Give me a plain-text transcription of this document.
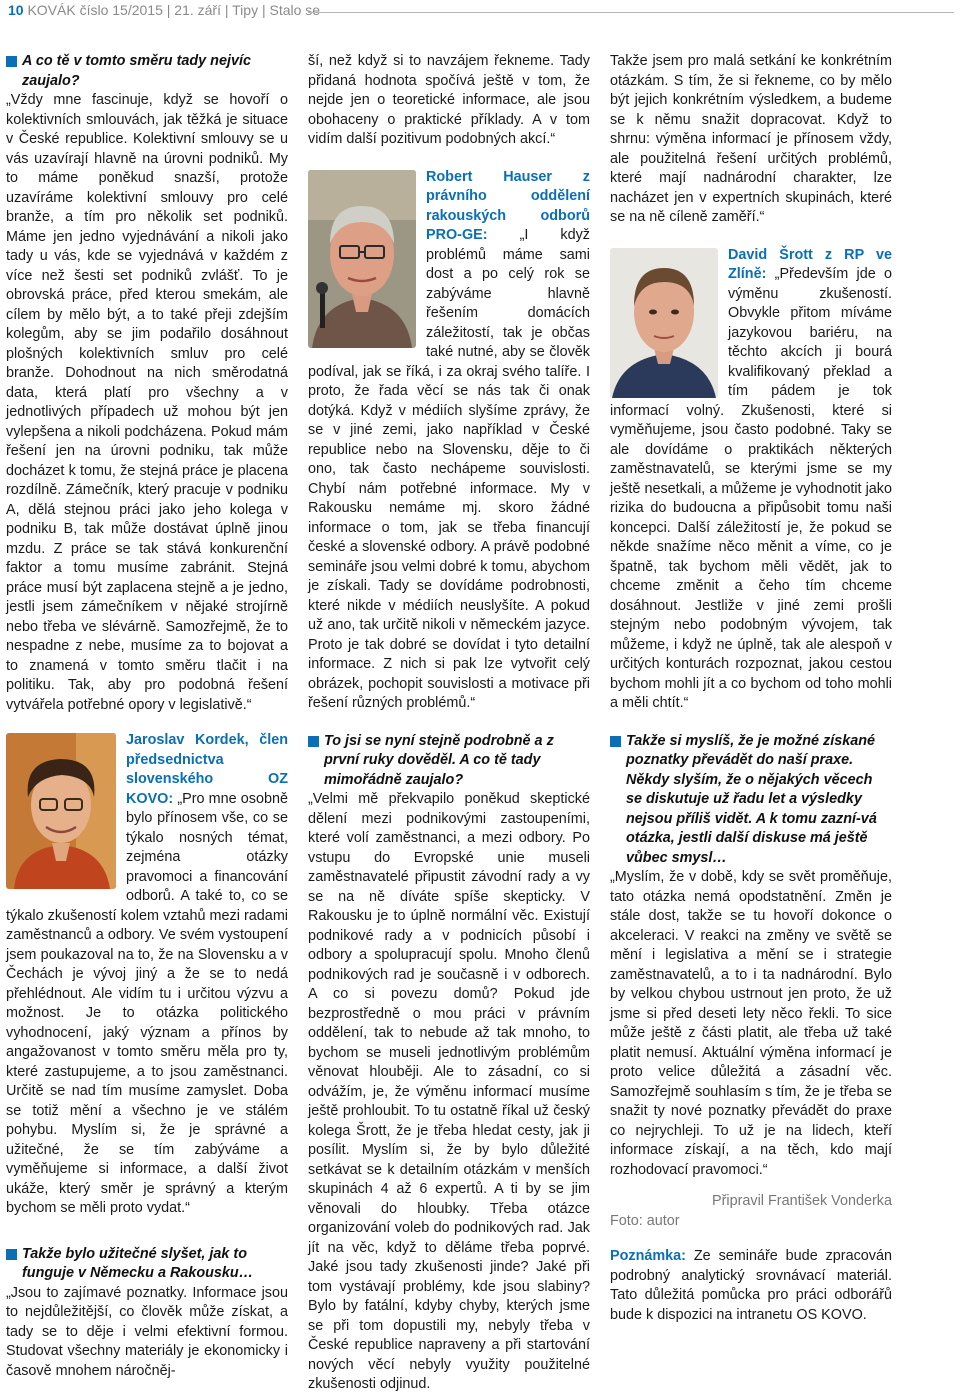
10 KOVÁK číslo 15/2015 | 21. září | Tipy | Stalo se

A co tě v tomto směru tady nejvíc zaujalo?

„Vždy mne fascinuje, když se hovoří o kolektivních smlouvách, jak těžká je situace v České republice. Kolektivní smlouvy se u vás uzavírají hlavně na úrovni podniků. My to máme poněkud snazší, protože uzavíráme kolektivní smlouvy pro celé branže, a tím pro několik set podniků. Máme jen jedno vyjednávání a nikoli jako tady u vás, kde se vyjednává v každém z více než šesti set podniků zvlášť. To je obrovská práce, před kterou smekám, ale cílem by mělo být, a to také přeji zdejším kolegům, aby se jim podařilo dosáhnout plošných kolektivních smluv pro celé branže. Dohodnout na nich směrodatná data, která platí pro všechny a v jednotlivých případech už mohou být jen vylepšena a nikoli podcházena. Pokud mám řešení jen na úrovni podniku, tak může docházet k tomu, že stejná práce je placena rozdílně. Zámečník, který pracuje v podniku A, dělá stejnou práci jako jeho kolega v podniku B, tak může dostávat úplně jinou mzdu. Z práce se tak stává konkurenční faktor a tomu musíme zabránit. Stejná práce musí být zaplacena stejně a je jedno, jestli jsem zámečníkem v nějaké strojírně nebo třeba ve slévárně. Samozřejmě, že to nespadne z nebe, musíme za to bojovat a to znamená v tomto směru tlačit i na politiku. Tak, aby pro podobná řešení vytvářela potřebné opory v legislativě.“

Jaroslav Kordek, člen předsednictva slovenského OZ KOVO: „Pro mne osobně bylo přínosem vše, co se týkalo nosných témat, zejména otázky pravomoci a financování odborů. A také to, co se týkalo zkušeností kolem vztahů mezi radami zaměstnanců a odbory. Ve svém vystoupení jsem poukazoval na to, že na Slovensku a v Čechách je vývoj jiný a že se to nedá přehlédnout. Ale vidím tu i určitou výzvu a možnost. Je to otázka politického vyhodnocení, jaký význam a přínos by angažovanost v tomto směru měla pro ty, které zastupujeme, a to jsou zaměstnanci. Určitě se nad tím musíme zamyslet. Doba se totiž mění a všechno je ve stálém pohybu. Myslím si, že je správné a užitečné, že se tím zabýváme a vyměňujeme si informace, a další život ukáže, který směr je správný a kterým bychom se měli proto vydat.“

Takže bylo užitečné slyšet, jak to funguje v Německu a Rakousku…

„Jsou to zajímavé poznatky. Informace jsou to nejdůležitější, co člověk může získat, a tady se to děje i velmi efektivní formou. Studovat všechny materiály je ekonomicky i časově mnohem náročněj-

ší, než když si to navzájem řekneme. Tady přidaná hodnota spočívá ještě v tom, že nejde jen o teoretické informace, ale jsou obohaceny o praktické příklady. A v tom vidím další pozitivum podobných akcí.“

Robert Hauser z právního oddělení rakouských odborů PRO-GE: „I když problémů máme sami dost a po celý rok se zabýváme hlavně řešením domácích záležitostí, tak je občas také nutné, aby se člověk podíval, jak se říká, i za okraj svého talíře. I proto, že řada věcí se nás tak či onak dotýká. Když v médiích slyšíme zprávy, že se v jiné zemi, jako například v České republice nebo na Slovensku, děje to či ono, tak často nechápeme souvislosti. Chybí nám potřebné informace. My v Rakousku nemáme mj. skoro žádné informace o tom, jak se třeba financují české a slovenské odbory. A právě podobné semináře jsou velmi dobré k tomu, abychom je získali. Tady se dovídáme podrobnosti, které nikde v médiích neuslyšíte. A pokud už ano, tak určitě nikoli v německém jazyce. Proto je tak dobré se dovídat i tyto detailní informace. Z nich si pak lze vytvořit celý obrázek, pochopit souvislosti a motivace při řešení různých problémů.“

To jsi se nyní stejně podrobně a z první ruky dověděl. A co tě tady mimořádně zaujalo?

„Velmi mě překvapilo poněkud skeptické dělení mezi podnikovými zastoupeními, které volí zaměstnanci, a mezi odbory. Po vstupu do Evropské unie museli zaměstnavatelé připustit závodní rady a vy se na ně díváte spíše skepticky. V Rakousku je to úplně normální věc. Existují podnikové rady a v podnicích působí i odbory a spolupracují spolu. Mnoho členů podnikových rad je současně i v odborech. A co si povezu domů? Pokud jde bezprostředně o mou práci v právním oddělení, tak to nebude až tak mnoho, to bychom se museli jednotlivým problémům věnovat hlouběji. Ale to zásadní, co si odvážím, je, že výměnu informací musíme ještě prohloubit. To tu ostatně říkal už český kolega Šrott, že je třeba hledat cesty, jak ji posílit. Myslím si, že by bylo důležité setkávat se k detailním otázkám v menších skupinách 4 až 6 expertů. A ti by se jim věnovali do hloubky. Třeba otázce organizování voleb do podnikových rad. Jak jít na věc, když to děláme třeba poprvé. Jaké jsou tady zkušenosti jinde? Jaké při tom vystávají problémy, kde jsou slabiny? Bylo by fatální, kdyby chyby, kterých jsme se při tom dopustili my, nebyly třeba v České republice napraveny a při startování nových věcí nebyly využity použitelné zkušenosti odjinud.

Takže jsem pro malá setkání ke konkrétním otázkám. S tím, že si řekneme, co by mělo být jejich konkrétním výsledkem, a budeme se k němu snažit dopracovat. Když to shrnu: výměna informací je přínosem vždy, ale použitelná řešení určitých problémů, které mají nadnárodní charakter, lze nacházet jen v expertních skupinách, které se na ně cíleně zaměří.“

David Šrott z RP ve Zlíně: „Především jde o výměnu zkušeností. Obvykle přitom míváme jazykovou bariéru, na těchto akcích ji bourá kvalifikovaný překlad a tím pádem je tok informací volný. Zkušenosti, které si vyměňujeme, jsou často podobné. Taky se ale dovídáme o praktikách některých zaměstnavatelů, se kterými jsme se my ještě nesetkali, a můžeme je vyhodnotit jako rizika do budoucna a připůsobit tomu naši koncepci. Další záležitostí je, že pokud se někde snažíme něco měnit a víme, co je špatně, tak bychom měli vědět, jak to chceme změnit a čeho tím chceme dosáhnout. Jestliže v jiné zemi prošli stejným nebo podobným vývojem, tak můžeme, i když ne úplně, tak ale alespoň v určitých konturách rozpoznat, jakou cestou bychom mohli jít a co bychom od toho mohli a měli chtít.“

Takže si myslíš, že je možné získané poznatky převádět do naší praxe. Někdy slyším, že o nějakých věcech se diskutuje už řadu let a výsledky nejsou příliš vidět. A k tomu zazní-vá otázka, jestli další diskuse má ještě vůbec smysl…

„Myslím, že v době, kdy se svět proměňuje, tato otázka nemá opodstatnění. Změn je stále dost, takže se tu hovoří dokonce o akceleraci. V reakci na změny ve světě se mění i legislativa a mění se i strategie zaměstnavatelů, a to i ta nadnárodní. Bylo by velkou chybou ustrnout jen proto, že už jsme si před deseti lety něco řekli. To sice může ještě z části platit, ale třeba už také platit nemusí. Aktuální výměna informací je proto velice důležitá a zásadní věc. Samozřejmě souhlasím s tím, že je třeba se snažit ty nové poznatky převádět do praxe co nejrychleji. To už je na lidech, kteří informace získají, a na těch, kdo mají rozhodovací pravomoci.“

Připravil František Vonderka
Foto: autor

Poznámka: Ze semináře bude zpracován podrobný analytický srovnávací materiál. Tato důležitá pomůcka pro práci odborářů bude k dispozici na intranetu OS KOVO.
